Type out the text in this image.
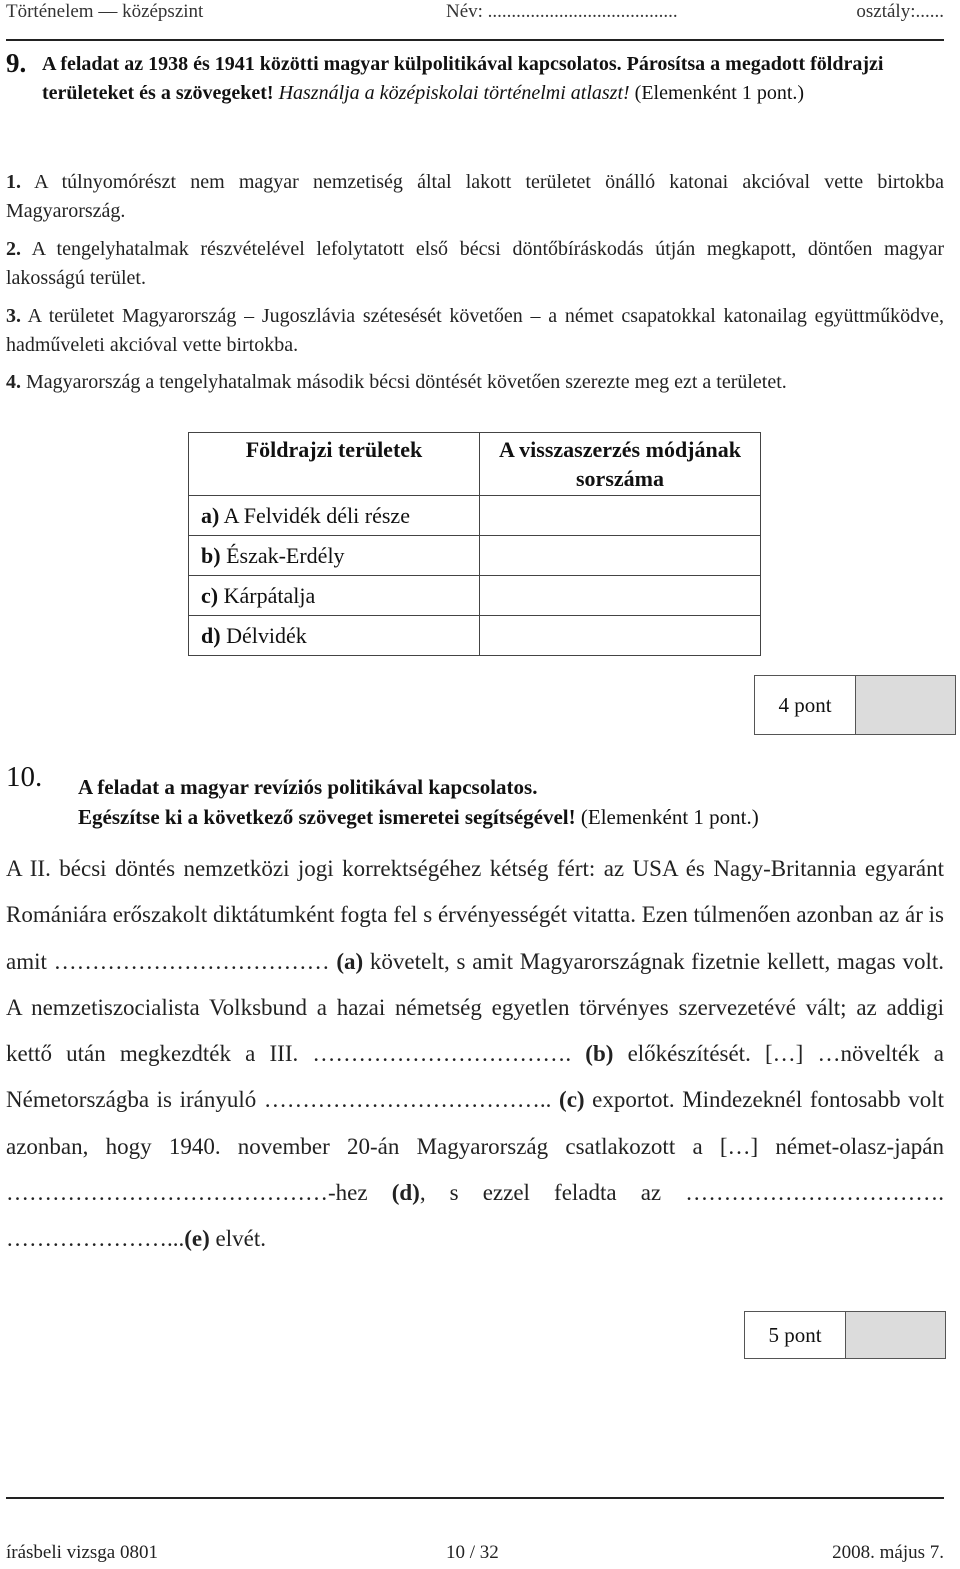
Történelem — középszint	Név: ........................................	osztály:......
9. A feladat az 1938 és 1941 közötti magyar külpolitikával kapcsolatos. Párosítsa a megadott földrajzi területeket és a szövegeket! Használja a középiskolai történelmi atlaszt! (Elemenként 1 pont.)
1. A túlnyomórészt nem magyar nemzetiség által lakott területet önálló katonai akcióval vette birtokba Magyarország.
2. A tengelyhatalmak részvételével lefolytatott első bécsi döntőbíráskodás útján megkapott, döntően magyar lakosságú terület.
3. A területet Magyarország – Jugoszlávia szétesését követően – a német csapatokkal katonailag együttműködve, hadműveleti akcióval vette birtokba.
4. Magyarország a tengelyhatalmak második bécsi döntését követően szerezte meg ezt a területet.
Földrajzi területek	A visszaszerzés módjának sorszáma
a) A Felvidék déli része	
b) Észak-Erdély	
c) Kárpátalja	
d) Délvidék	
4 pont
10. A feladat a magyar revíziós politikával kapcsolatos.
Egészítse ki a következő szöveget ismeretei segítségével! (Elemenként 1 pont.)

A II. bécsi döntés nemzetközi jogi korrektségéhez kétség fért: az USA és Nagy-Britannia egyaránt Romániára erőszakolt diktátumként fogta fel s érvényességét vitatta. Ezen túlmenően azonban az ár is amit ……………………………… (a) követelt, s amit Magyarországnak fizetnie kellett, magas volt. A nemzetiszocialista Volksbund a hazai németség egyetlen törvényes szervezetévé vált; az addigi kettő után megkezdték a III. ……………………………. (b) előkészítését. […] …növelték a Németországba is irányuló ……………………………….. (c) exportot. Mindezeknél fontosabb volt azonban, hogy 1940. november 20-án Magyarország csatlakozott a […] német-olasz-japán ……………………………………-hez (d), s ezzel feladta az ……………………………. …………………...(e) elvét.

5 pont
írásbeli vizsga 0801	10 / 32	2008. május 7.
